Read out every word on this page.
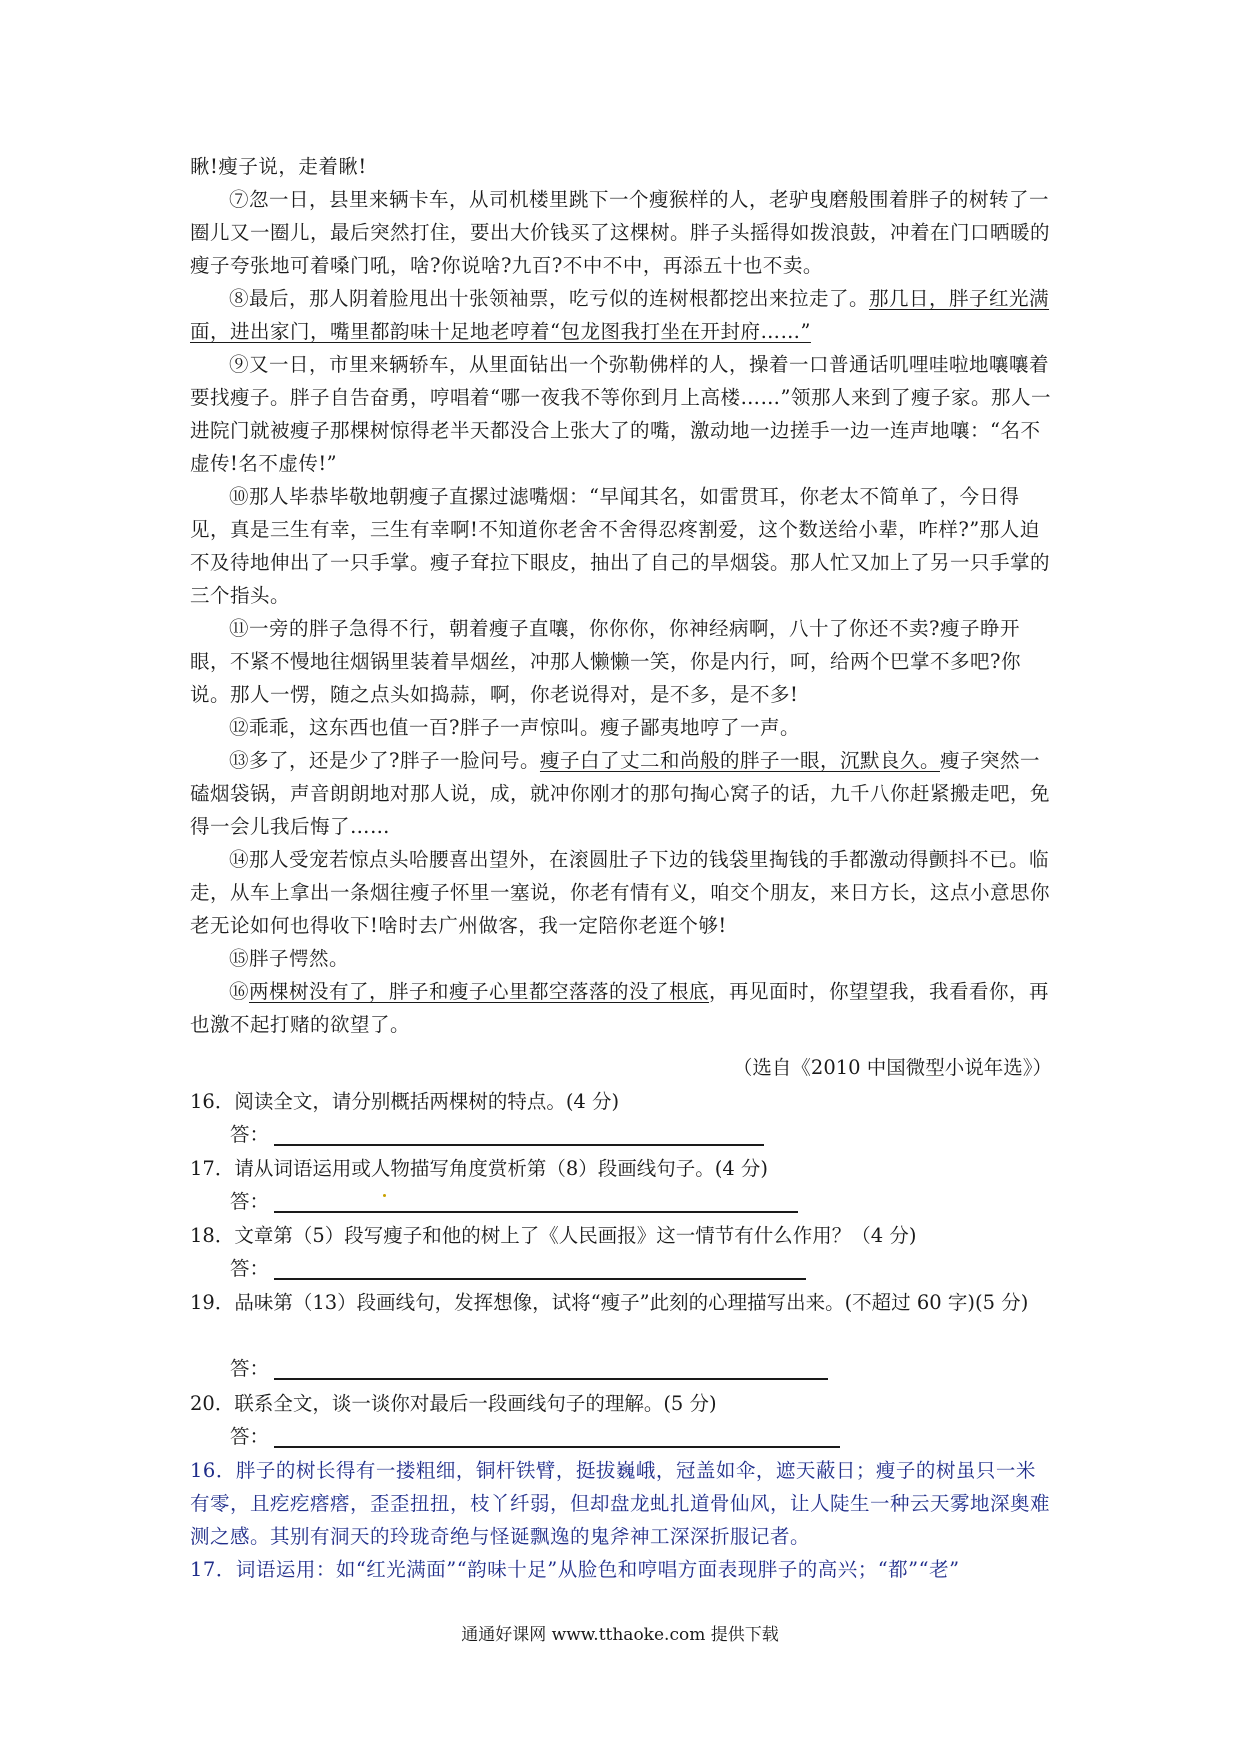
瞅!瘦子说，走着瞅!
⑦忽一日，县里来辆卡车，从司机楼里跳下一个瘦猴样的人，老驴曳磨般围着胖子的树转了一圈儿又一圈儿，最后突然打住，要出大价钱买了这棵树。胖子头摇得如拨浪鼓，冲着在门口晒暖的瘦子夸张地可着嗓门吼，啥?你说啥?九百?不中不中，再添五十也不卖。
⑧最后，那人阴着脸甩出十张领袖票，吃亏似的连树根都挖出来拉走了。那几日，胖子红光满面，进出家门，嘴里都韵味十足地老哼着“包龙图我打坐在开封府……”
⑨又一日，市里来辆轿车，从里面钻出一个弥勒佛样的人，操着一口普通话叽哩哇啦地嚷嚷着要找瘦子。胖子自告奋勇，哼唱着“哪一夜我不等你到月上高楼……”领那人来到了瘦子家。那人一进院门就被瘦子那棵树惊得老半天都没合上张大了的嘴，激动地一边搓手一边一连声地嚷：“名不虚传!名不虚传!”
⑩那人毕恭毕敬地朝瘦子直摞过滤嘴烟：“早闻其名，如雷贯耳，你老太不简单了，今日得见，真是三生有幸，三生有幸啊!不知道你老舍不舍得忍疼割爱，这个数送给小辈，咋样?”那人迫不及待地伸出了一只手掌。瘦子耷拉下眼皮，抽出了自己的旱烟袋。那人忙又加上了另一只手掌的三个指头。
⑪一旁的胖子急得不行，朝着瘦子直嚷，你你你，你神经病啊，八十了你还不卖?瘦子睁开眼，不紧不慢地往烟锅里装着旱烟丝，冲那人懒懒一笑，你是内行，呵，给两个巴掌不多吧?你说。那人一愣，随之点头如捣蒜，啊，你老说得对，是不多，是不多!
⑫乖乖，这东西也值一百?胖子一声惊叫。瘦子鄙夷地哼了一声。
⑬多了，还是少了?胖子一脸问号。瘦子白了丈二和尚般的胖子一眼，沉默良久。瘦子突然一磕烟袋锅，声音朗朗地对那人说，成，就冲你刚才的那句掏心窝子的话，九千八你赶紧搬走吧，免得一会儿我后悔了……
⑭那人受宠若惊点头哈腰喜出望外，在滚圆肚子下边的钱袋里掏钱的手都激动得颤抖不已。临走，从车上拿出一条烟往瘦子怀里一塞说，你老有情有义，咱交个朋友，来日方长，这点小意思你老无论如何也得收下!啥时去广州做客，我一定陪你老逛个够!
⑮胖子愕然。
⑯两棵树没有了，胖子和瘦子心里都空落落的没了根底，再见面时，你望望我，我看看你，再也激不起打赌的欲望了。
（选自《2010 中国微型小说年选》）
16．阅读全文，请分别概括两棵树的特点。(4 分)
答：
17．请从词语运用或人物描写角度赏析第（8）段画线句子。(4 分)
答：
18．文章第（5）段写瘦子和他的树上了《人民画报》这一情节有什么作用？（4 分)
答：
19．品味第（13）段画线句，发挥想像，试将“瘦子”此刻的心理描写出来。(不超过 60 字)(5 分)
答：
20．联系全文，谈一谈你对最后一段画线句子的理解。(5 分)
答：
16．胖子的树长得有一搂粗细，铜杆铁臂，挺拔巍峨，冠盖如伞，遮天蔽日；瘦子的树虽只一米有零，且疙疙瘩瘩，歪歪扭扭，枝丫纤弱，但却盘龙虬扎道骨仙风，让人陡生一种云天雾地深奥难测之感。其别有洞天的玲珑奇绝与怪诞飘逸的鬼斧神工深深折服记者。
17．词语运用：如“红光满面”“韵味十足”从脸色和哼唱方面表现胖子的高兴；“都”“老”
通通好课网 www.tthaoke.com 提供下载
